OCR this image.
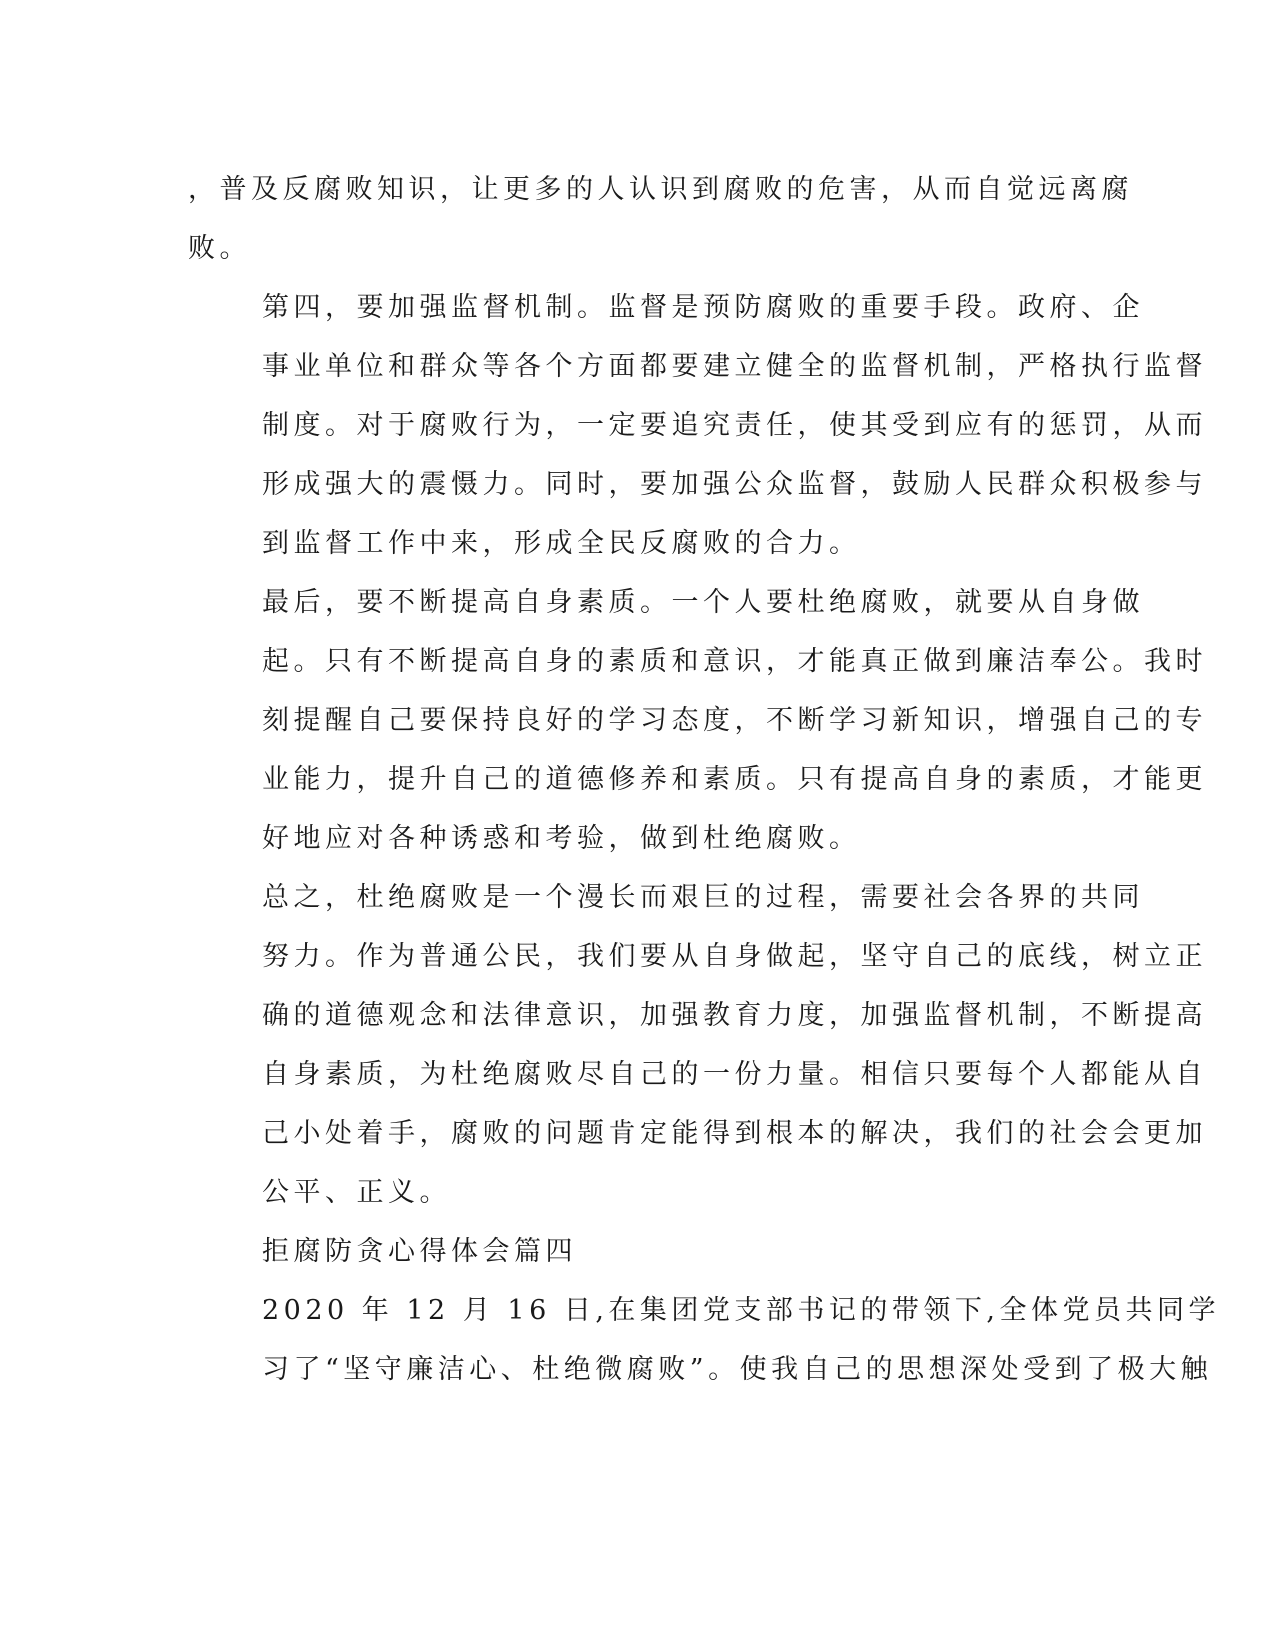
，普及反腐败知识，让更多的人认识到腐败的危害，从而自觉远离腐
败。

第四，要加强监督机制。监督是预防腐败的重要手段。政府、企
事业单位和群众等各个方面都要建立健全的监督机制，严格执行监督
制度。对于腐败行为，一定要追究责任，使其受到应有的惩罚，从而
形成强大的震慑力。同时，要加强公众监督，鼓励人民群众积极参与
到监督工作中来，形成全民反腐败的合力。

最后，要不断提高自身素质。一个人要杜绝腐败，就要从自身做
起。只有不断提高自身的素质和意识，才能真正做到廉洁奉公。我时
刻提醒自己要保持良好的学习态度，不断学习新知识，增强自己的专
业能力，提升自己的道德修养和素质。只有提高自身的素质，才能更
好地应对各种诱惑和考验，做到杜绝腐败。

总之，杜绝腐败是一个漫长而艰巨的过程，需要社会各界的共同
努力。作为普通公民，我们要从自身做起，坚守自己的底线，树立正
确的道德观念和法律意识，加强教育力度，加强监督机制，不断提高
自身素质，为杜绝腐败尽自己的一份力量。相信只要每个人都能从自
己小处着手，腐败的问题肯定能得到根本的解决，我们的社会会更加
公平、正义。

拒腐防贪心得体会篇四

2020 年 12 月 16 日,在集团党支部书记的带领下,全体党员共同学
习了“坚守廉洁心、杜绝微腐败”。使我自己的思想深处受到了极大触
